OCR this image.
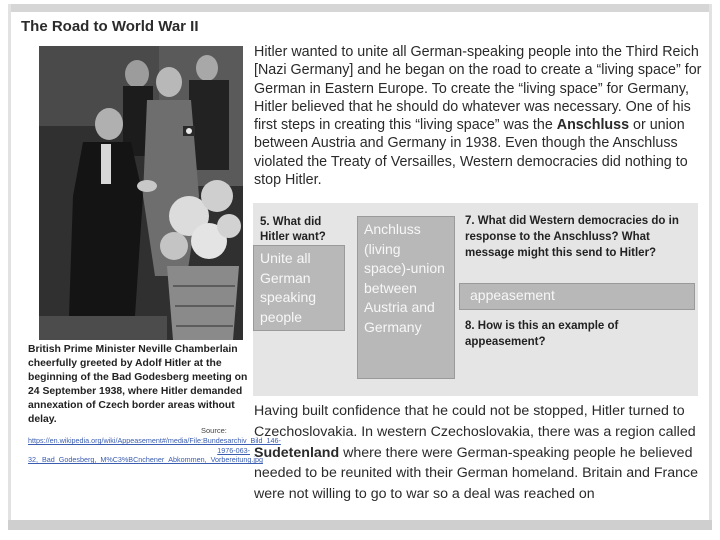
The Road to World War II
British Prime Minister Neville Chamberlain cheerfully greeted by Adolf Hitler at the beginning of the Bad Godesberg meeting on 24 September 1938, where Hitler demanded annexation of Czech border areas without delay.
Source:
https://en.wikipedia.org/wiki/Appeasement#/media/File:Bundesarchiv_Bild_146-1976-063-32,_Bad_Godesberg,_M%C3%BCnchener_Abkommen,_Vorbereitung.jpg
Hitler wanted to unite all German-speaking people into the Third Reich [Nazi Germany] and he began on the road to create a “living space” for German in Eastern Europe. To create the “living space” for Germany, Hitler believed that he should do whatever was necessary. One of his first steps in creating this “living space” was the Anschluss or union between Austria and Germany in 1938. Even though the Anschluss violated the Treaty of Versailles, Western democracies did nothing to stop Hitler.
5. What did Hitler want?
7. What did Western democracies do in response to the Anschluss? What message might this send to Hitler?
8. How is this an example of appeasement?
Unite all German speaking people
Anchluss (living space)-union between Austria and Germany
appeasement
Having built confidence that he could not be stopped, Hitler turned to Czechoslovakia. In western Czechoslovakia, there was a region called Sudetenland where there were German-speaking people he believed needed to be reunited with their German homeland. Britain and France were not willing to go to war so a deal was reached on
